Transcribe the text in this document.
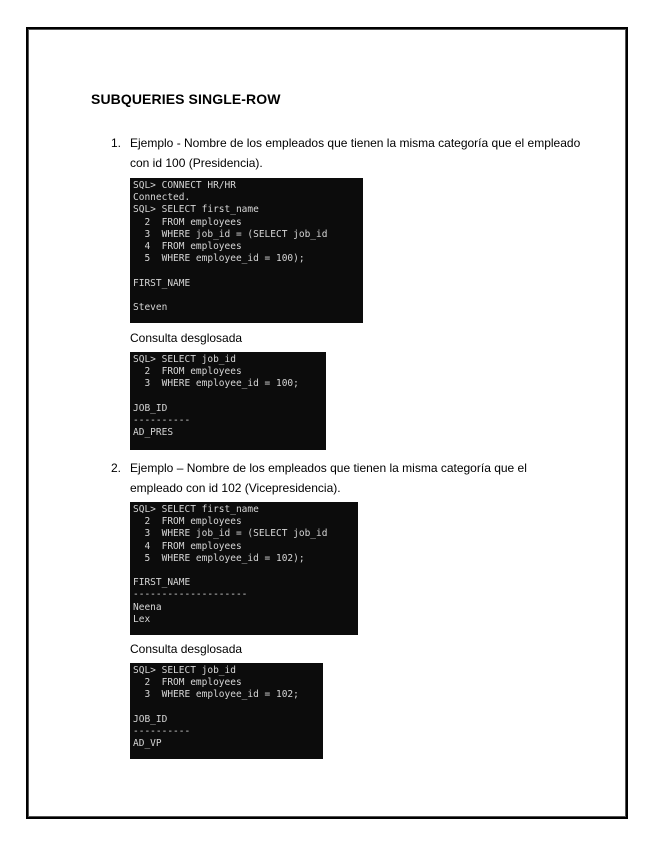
SUBQUERIES SINGLE-ROW
1. Ejemplo - Nombre de los empleados que tienen la misma categoría que el empleado con id 100 (Presidencia).
SQL> CONNECT HR/HR
Connected.
SQL> SELECT first_name
2  FROM employees
3  WHERE job_id = (SELECT job_id
4  FROM employees
5  WHERE employee_id = 100);
FIRST_NAME
Steven
Consulta desglosada
SQL> SELECT job_id
2  FROM employees
3  WHERE employee_id = 100;
JOB_ID
----------
AD_PRES
2. Ejemplo – Nombre de los empleados que tienen la misma categoría que el empleado con id 102 (Vicepresidencia).
SQL> SELECT first_name
2  FROM employees
3  WHERE job_id = (SELECT job_id
4  FROM employees
5  WHERE employee_id = 102);
FIRST_NAME
--------------------
Neena
Lex
Consulta desglosada
SQL> SELECT job_id
2  FROM employees
3  WHERE employee_id = 102;
JOB_ID
----------
AD_VP
